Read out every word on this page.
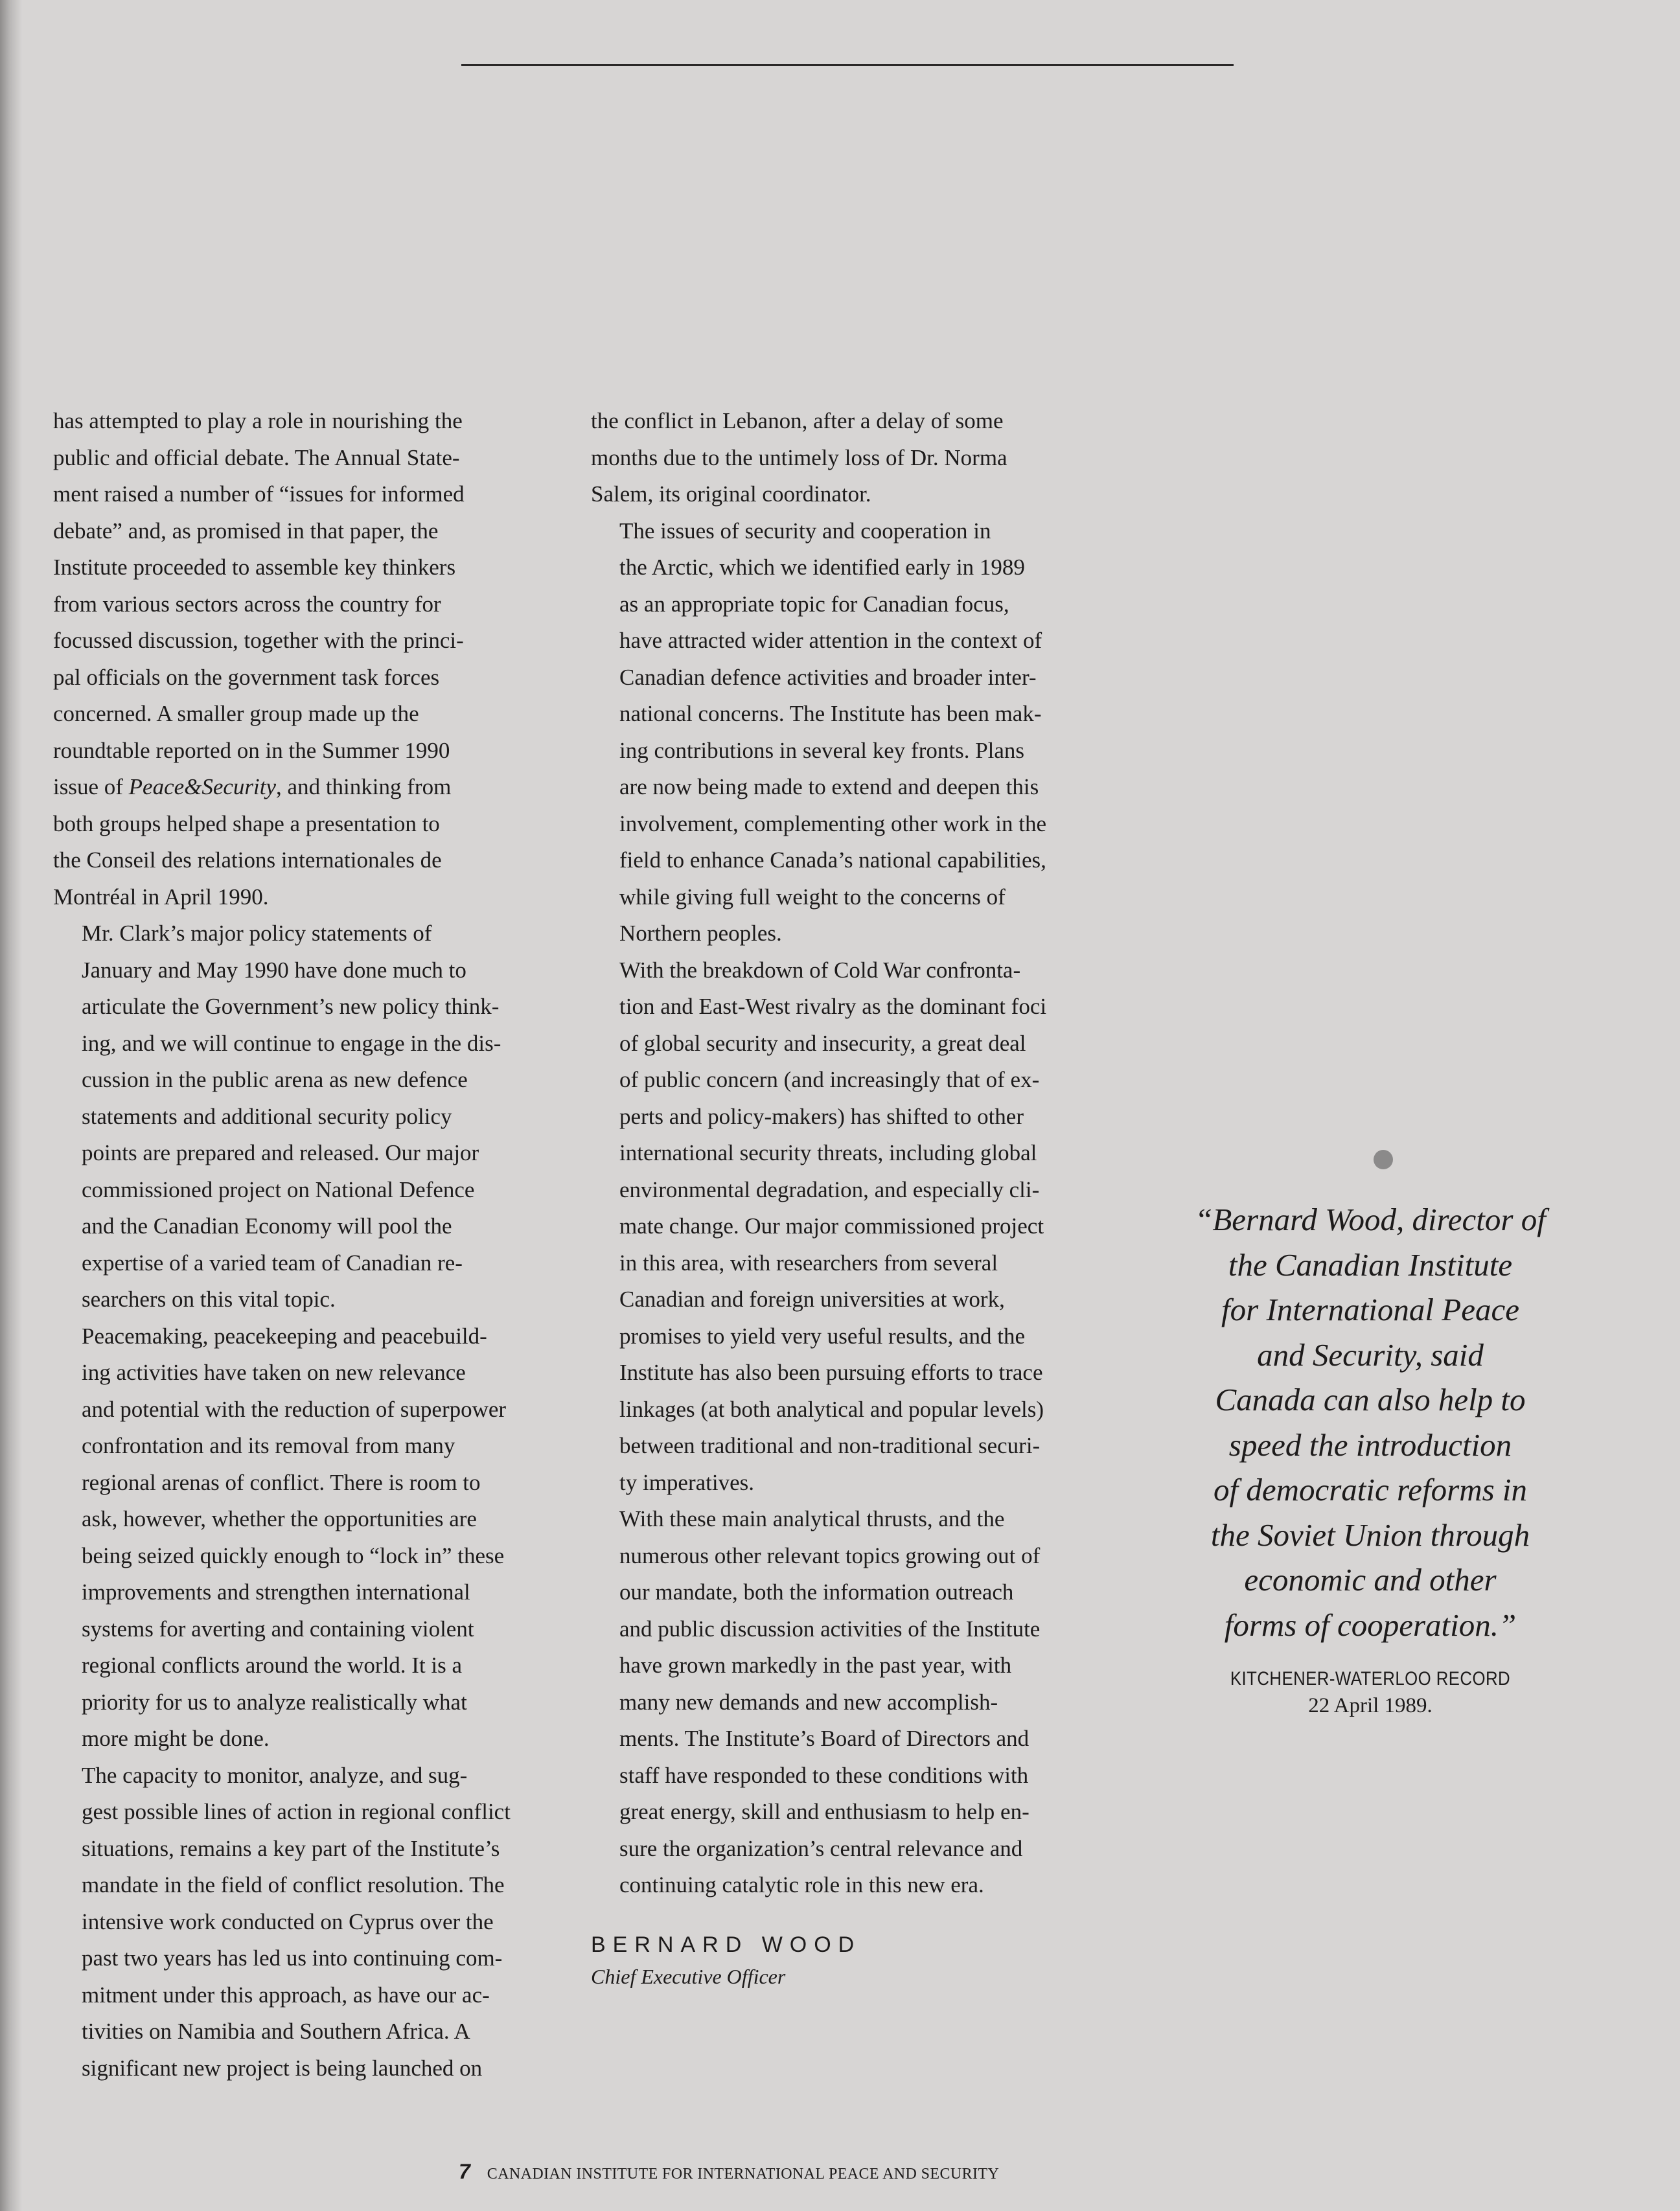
has attempted to play a role in nourishing the
public and official debate. The Annual State-
ment raised a number of “issues for informed
debate” and, as promised in that paper, the
Institute proceeded to assemble key thinkers
from various sectors across the country for
focussed discussion, together with the princi-
pal officials on the government task forces
concerned. A smaller group made up the
roundtable reported on in the Summer 1990
issue of Peace&Security, and thinking from
both groups helped shape a presentation to
the Conseil des relations internationales de
Montréal in April 1990.

Mr. Clark’s major policy statements of
January and May 1990 have done much to
articulate the Government’s new policy think-
ing, and we will continue to engage in the dis-
cussion in the public arena as new defence
statements and additional security policy
points are prepared and released. Our major
commissioned project on National Defence
and the Canadian Economy will pool the
expertise of a varied team of Canadian re-
searchers on this vital topic.

Peacemaking, peacekeeping and peacebuild-
ing activities have taken on new relevance
and potential with the reduction of superpower
confrontation and its removal from many
regional arenas of conflict. There is room to
ask, however, whether the opportunities are
being seized quickly enough to “lock in” these
improvements and strengthen international
systems for averting and containing violent
regional conflicts around the world. It is a
priority for us to analyze realistically what
more might be done.

The capacity to monitor, analyze, and sug-
gest possible lines of action in regional conflict
situations, remains a key part of the Institute’s
mandate in the field of conflict resolution. The
intensive work conducted on Cyprus over the
past two years has led us into continuing com-
mitment under this approach, as have our ac-
tivities on Namibia and Southern Africa. A
significant new project is being launched on

the conflict in Lebanon, after a delay of some
months due to the untimely loss of Dr. Norma
Salem, its original coordinator.

The issues of security and cooperation in
the Arctic, which we identified early in 1989
as an appropriate topic for Canadian focus,
have attracted wider attention in the context of
Canadian defence activities and broader inter-
national concerns. The Institute has been mak-
ing contributions in several key fronts. Plans
are now being made to extend and deepen this
involvement, complementing other work in the
field to enhance Canada’s national capabilities,
while giving full weight to the concerns of
Northern peoples.

With the breakdown of Cold War confronta-
tion and East-West rivalry as the dominant foci
of global security and insecurity, a great deal
of public concern (and increasingly that of ex-
perts and policy-makers) has shifted to other
international security threats, including global
environmental degradation, and especially cli-
mate change. Our major commissioned project
in this area, with researchers from several
Canadian and foreign universities at work,
promises to yield very useful results, and the
Institute has also been pursuing efforts to trace
linkages (at both analytical and popular levels)
between traditional and non-traditional securi-
ty imperatives.

With these main analytical thrusts, and the
numerous other relevant topics growing out of
our mandate, both the information outreach
and public discussion activities of the Institute
have grown markedly in the past year, with
many new demands and new accomplish-
ments. The Institute’s Board of Directors and
staff have responded to these conditions with
great energy, skill and enthusiasm to help en-
sure the organization’s central relevance and
continuing catalytic role in this new era.

BERNARD WOOD
Chief Executive Officer
“Bernard Wood, director of
the Canadian Institute
for International Peace
and Security, said
Canada can also help to
speed the introduction
of democratic reforms in
the Soviet Union through
economic and other
forms of cooperation.”
KITCHENER-WATERLOO RECORD
22 April 1989.
7 CANADIAN INSTITUTE FOR INTERNATIONAL PEACE AND SECURITY
